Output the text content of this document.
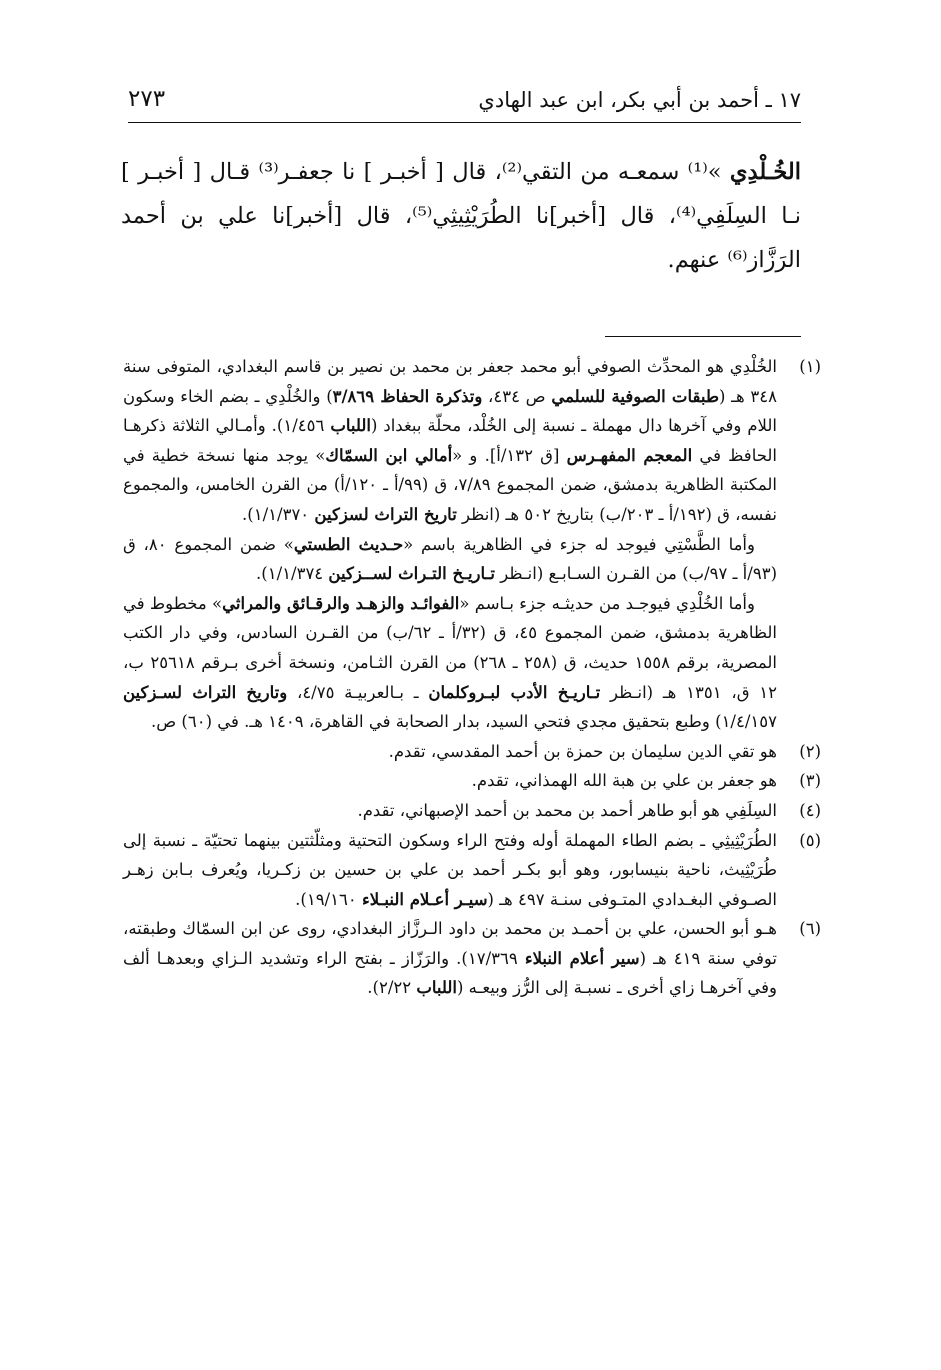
١٧ ـ أحمد بن أبي بكر، ابن عبد الهادي
٢٧٣

الخُـلْدِي »⁽¹⁾ سمعـه من التقي⁽²⁾، قال [ أخبـر ] نا جعفـر⁽³⁾ قـال [ أخبـر ] نـا السِلَفِي⁽⁴⁾، قال [أخبر]نا الطُرَيْثِيثِي⁽⁵⁾، قال [أخبر]نا علي بن أحمد الرَزَّاز⁽⁶⁾ عنهم.

(١)

الخُلْدِي هو المحدِّث الصوفي أبو محمد جعفر بن محمد بن نصير بن قاسم البغدادي، المتوفى سنة ٣٤٨ هـ (طبقات الصوفية للسلمي ص ٤٣٤، وتذكرة الحفاظ ٣/٨٦٩) والخُلْدِي ـ بضم الخاء وسكون اللام وفي آخرها دال مهملة ـ نسبة إلى الخُلْد، محلّة ببغداد (اللباب ١/٤٥٦). وأمـالي الثلاثة ذكرهـا الحافظ في المعجم المفهـرس [ق ١٣٢/أ]. و «أمالي ابن السمّاك» يوجد منها نسخة خطية في المكتبة الظاهرية بدمشق، ضمن المجموع ٧/٨٩، ق (٩٩/أ ـ ١٢٠/أ) من القرن الخامس، والمجموع نفسه، ق (١٩٢/أ ـ ٢٠٣/ب) بتاريخ ٥٠٢ هـ (انظر تاريخ التراث لسزكين ١/١/٣٧٠).

وأما الطَّسْتِي فيوجد له جزء في الظاهرية باسم «حـديث الطستي» ضمن المجموع ٨٠، ق (٩٣/أ ـ ٩٧/ب) من القـرن السـابـع (انـظر تـاريـخ التـراث لســزكين ١/١/٣٧٤).

وأما الخُلْدِي فيوجـد من حديثـه جزء بـاسم «الفوائـد والزهـد والرقـائق والمراثي» مخطوط في الظاهرية بدمشق، ضمن المجموع ٤٥، ق (٣٢/أ ـ ٦٢/ب) من القـرن السادس، وفي دار الكتب المصرية، برقم ١٥٥٨ حديث، ق (٢٥٨ ـ ٢٦٨) من القرن الثـامن، ونسخة أخرى بـرقم ٢٥٦١٨ ب، ١٢ ق، ١٣٥١ هـ (انـظر تـاريـخ الأدب لبـروكلمان ـ بـالعربيـة ٤/٧٥، وتاريخ التراث لسـزكين ١/٤/١٥٧) وطبع بتحقيق مجدي فتحي السيد، بدار الصحابة في القاهرة، ١٤٠٩ هـ. في (٦٠) ص.

(٢)

هو تقي الدين سليمان بن حمزة بن أحمد المقدسي، تقدم.

(٣)

هو جعفر بن علي بن هبة الله الهمذاني، تقدم.

(٤)

السِلَفِي هو أبو طاهر أحمد بن محمد بن أحمد الإصبهاني، تقدم.

(٥)

الطُرَيْثِيثِي ـ بضم الطاء المهملة أوله وفتح الراء وسكون التحتية ومثلّثتين بينهما تحتيّة ـ نسبة إلى طُرَيْثِيث، ناحية بنيسابور، وهو أبو بكـر أحمد بن علي بن حسين بن زكـريا، ويُعرف بـابن زهـر الصـوفي البغـدادي المتـوفى سنـة ٤٩٧ هـ (سيـر أعـلام النبـلاء ١٩/١٦٠).

(٦)

هـو أبو الحسن، علي بن أحمـد بن محمد بن داود الـرزَّاز البغدادي، روى عن ابن السمّاك وطبقته، توفي سنة ٤١٩ هـ (سير أعلام النبلاء ١٧/٣٦٩). والرَزّاز ـ بفتح الراء وتشديد الـزاي وبعدهـا ألف وفي آخرهـا زاي أخرى ـ نسبـة إلى الرُّز وبيعـه (اللباب ٢/٢٢).
